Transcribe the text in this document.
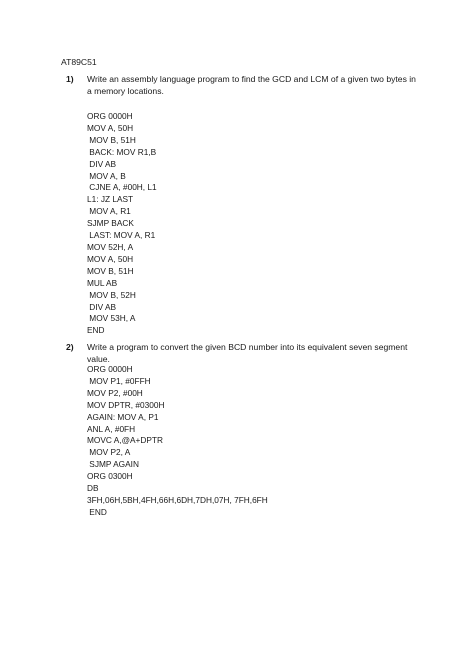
AT89C51
1) Write an assembly language program to find the GCD and LCM of a given two bytes in a memory locations.
ORG 0000H
MOV A, 50H
MOV B, 51H
BACK: MOV R1,B
DIV AB
MOV A, B
CJNE A, #00H, L1
L1: JZ LAST
MOV A, R1
SJMP BACK
LAST: MOV A, R1
MOV 52H, A
MOV A, 50H
MOV B, 51H
MUL AB
MOV B, 52H
DIV AB
MOV 53H, A
END
2) Write a program to convert the given BCD number into its equivalent seven segment value.
ORG 0000H
MOV P1, #0FFH
MOV P2, #00H
MOV DPTR, #0300H
AGAIN: MOV A, P1
ANL A, #0FH
MOVC A,@A+DPTR
MOV P2, A
SJMP AGAIN
ORG 0300H
DB
3FH,06H,5BH,4FH,66H,6DH,7DH,07H, 7FH,6FH
END
